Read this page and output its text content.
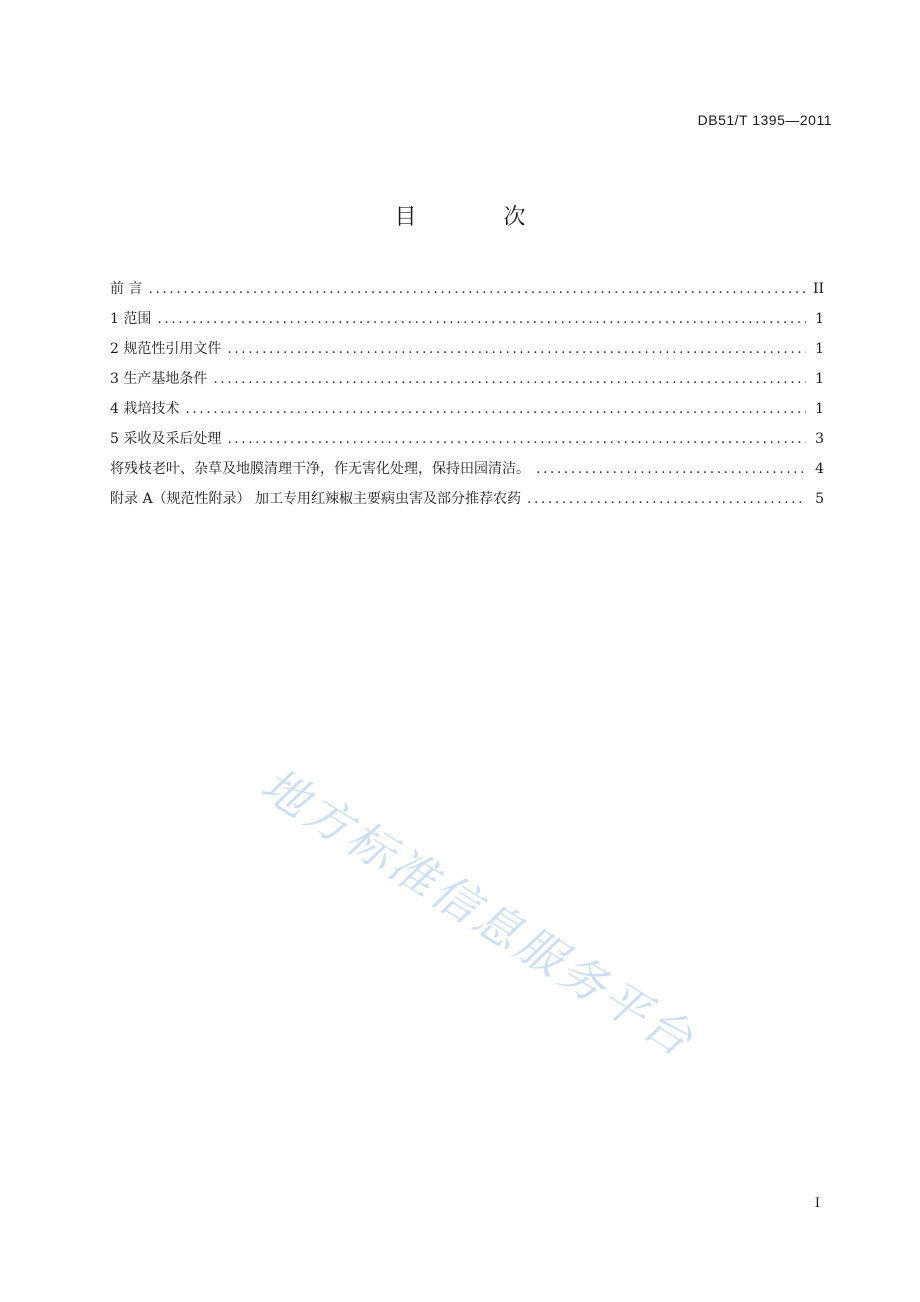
DB51/T 1395—2011
目 次
前 言 .....	II
1 范围 .....	1
2 规范性引用文件 .....	1
3 生产基地条件 .....	1
4 栽培技术 .....	1
5 采收及采后处理 .....	3
将残枝老叶、杂草及地膜清理干净，作无害化处理，保持田园清洁。 .....	4
附录 A（规范性附录） 加工专用红辣椒主要病虫害及部分推荐农药 .....	5
地方标准信息服务平台
I
